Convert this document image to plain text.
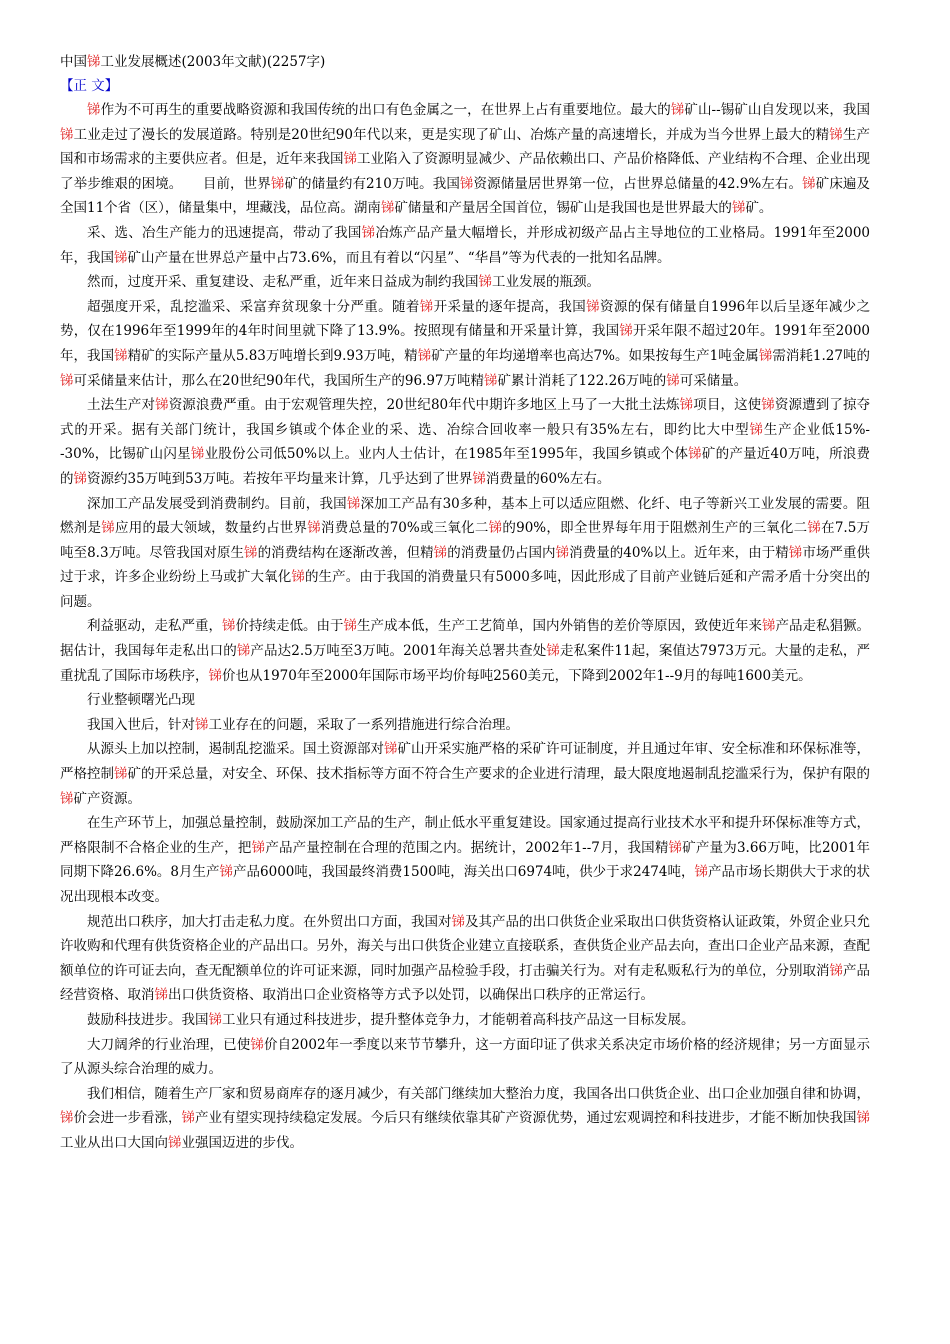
中国锑工业发展概述(2003年文献)(2257字)

【正 文】

锑作为不可再生的重要战略资源和我国传统的出口有色金属之一，在世界上占有重要地位。最大的锑矿山--锡矿山自发现以来，我国锑工业走过了漫长的发展道路。特别是20世纪90年代以来，更是实现了矿山、冶炼产量的高速增长，并成为当今世界上最大的精锑生产国和市场需求的主要供应者。但是，近年来我国锑工业陷入了资源明显减少、产品依赖出口、产品价格降低、产业结构不合理、企业出现了举步维艰的困境。　　目前，世界锑矿的储量约有210万吨。我国锑资源储量居世界第一位，占世界总储量的42.9%左右。锑矿床遍及全国11个省（区），储量集中，埋藏浅，品位高。湖南锑矿储量和产量居全国首位，锡矿山是我国也是世界最大的锑矿。

采、选、冶生产能力的迅速提高，带动了我国锑冶炼产品产量大幅增长，并形成初级产品占主导地位的工业格局。1991年至2000年，我国锑矿山产量在世界总产量中占73.6%，而且有着以“闪星”、“华昌”等为代表的一批知名品牌。

然而，过度开采、重复建设、走私严重，近年来日益成为制约我国锑工业发展的瓶颈。

超强度开采，乱挖滥采、采富弃贫现象十分严重。随着锑开采量的逐年提高，我国锑资源的保有储量自1996年以后呈逐年减少之势，仅在1996年至1999年的4年时间里就下降了13.9%。按照现有储量和开采量计算，我国锑开采年限不超过20年。1991年至2000年，我国锑精矿的实际产量从5.83万吨增长到9.93万吨，精锑矿产量的年均递增率也高达7%。如果按每生产1吨金属锑需消耗1.27吨的锑可采储量来估计，那么在20世纪90年代，我国所生产的96.97万吨精锑矿累计消耗了122.26万吨的锑可采储量。

土法生产对锑资源浪费严重。由于宏观管理失控，20世纪80年代中期许多地区上马了一大批土法炼锑项目，这使锑资源遭到了掠夺式的开采。据有关部门统计，我国乡镇或个体企业的采、选、冶综合回收率一般只有35%左右，即约比大中型锑生产企业低15%--30%，比锡矿山闪星锑业股份公司低50%以上。业内人士估计，在1985年至1995年，我国乡镇或个体锑矿的产量近40万吨，所浪费的锑资源约35万吨到53万吨。若按年平均量来计算，几乎达到了世界锑消费量的60%左右。

深加工产品发展受到消费制约。目前，我国锑深加工产品有30多种，基本上可以适应阻燃、化纤、电子等新兴工业发展的需要。阻燃剂是锑应用的最大领域，数量约占世界锑消费总量的70%或三氧化二锑的90%，即全世界每年用于阻燃剂生产的三氧化二锑在7.5万吨至8.3万吨。尽管我国对原生锑的消费结构在逐渐改善，但精锑的消费量仍占国内锑消费量的40%以上。近年来，由于精锑市场严重供过于求，许多企业纷纷上马或扩大氧化锑的生产。由于我国的消费量只有5000多吨，因此形成了目前产业链后延和产需矛盾十分突出的问题。

利益驱动，走私严重，锑价持续走低。由于锑生产成本低，生产工艺简单，国内外销售的差价等原因，致使近年来锑产品走私猖獗。据估计，我国每年走私出口的锑产品达2.5万吨至3万吨。2001年海关总署共查处锑走私案件11起，案值达7973万元。大量的走私，严重扰乱了国际市场秩序，锑价也从1970年至2000年国际市场平均价每吨2560美元，下降到2002年1--9月的每吨1600美元。

行业整顿曙光凸现

我国入世后，针对锑工业存在的问题，采取了一系列措施进行综合治理。

从源头上加以控制，遏制乱挖滥采。国土资源部对锑矿山开采实施严格的采矿许可证制度，并且通过年审、安全标准和环保标准等，严格控制锑矿的开采总量，对安全、环保、技术指标等方面不符合生产要求的企业进行清理，最大限度地遏制乱挖滥采行为，保护有限的锑矿产资源。

在生产环节上，加强总量控制，鼓励深加工产品的生产，制止低水平重复建设。国家通过提高行业技术水平和提升环保标准等方式，严格限制不合格企业的生产，把锑产品产量控制在合理的范围之内。据统计，2002年1--7月，我国精锑矿产量为3.66万吨，比2001年同期下降26.6%。8月生产锑产品6000吨，我国最终消费1500吨，海关出口6974吨，供少于求2474吨，锑产品市场长期供大于求的状况出现根本改变。

规范出口秩序，加大打击走私力度。在外贸出口方面，我国对锑及其产品的出口供货企业采取出口供货资格认证政策，外贸企业只允许收购和代理有供货资格企业的产品出口。另外，海关与出口供货企业建立直接联系，查供货企业产品去向，查出口企业产品来源，查配额单位的许可证去向，查无配额单位的许可证来源，同时加强产品检验手段，打击骗关行为。对有走私贩私行为的单位，分别取消锑产品经营资格、取消锑出口供货资格、取消出口企业资格等方式予以处罚，以确保出口秩序的正常运行。

鼓励科技进步。我国锑工业只有通过科技进步，提升整体竞争力，才能朝着高科技产品这一目标发展。

大刀阔斧的行业治理，已使锑价自2002年一季度以来节节攀升，这一方面印证了供求关系决定市场价格的经济规律；另一方面显示了从源头综合治理的威力。

我们相信，随着生产厂家和贸易商库存的逐月减少，有关部门继续加大整治力度，我国各出口供货企业、出口企业加强自律和协调，锑价会进一步看涨，锑产业有望实现持续稳定发展。今后只有继续依靠其矿产资源优势，通过宏观调控和科技进步，才能不断加快我国锑工业从出口大国向锑业强国迈进的步伐。
